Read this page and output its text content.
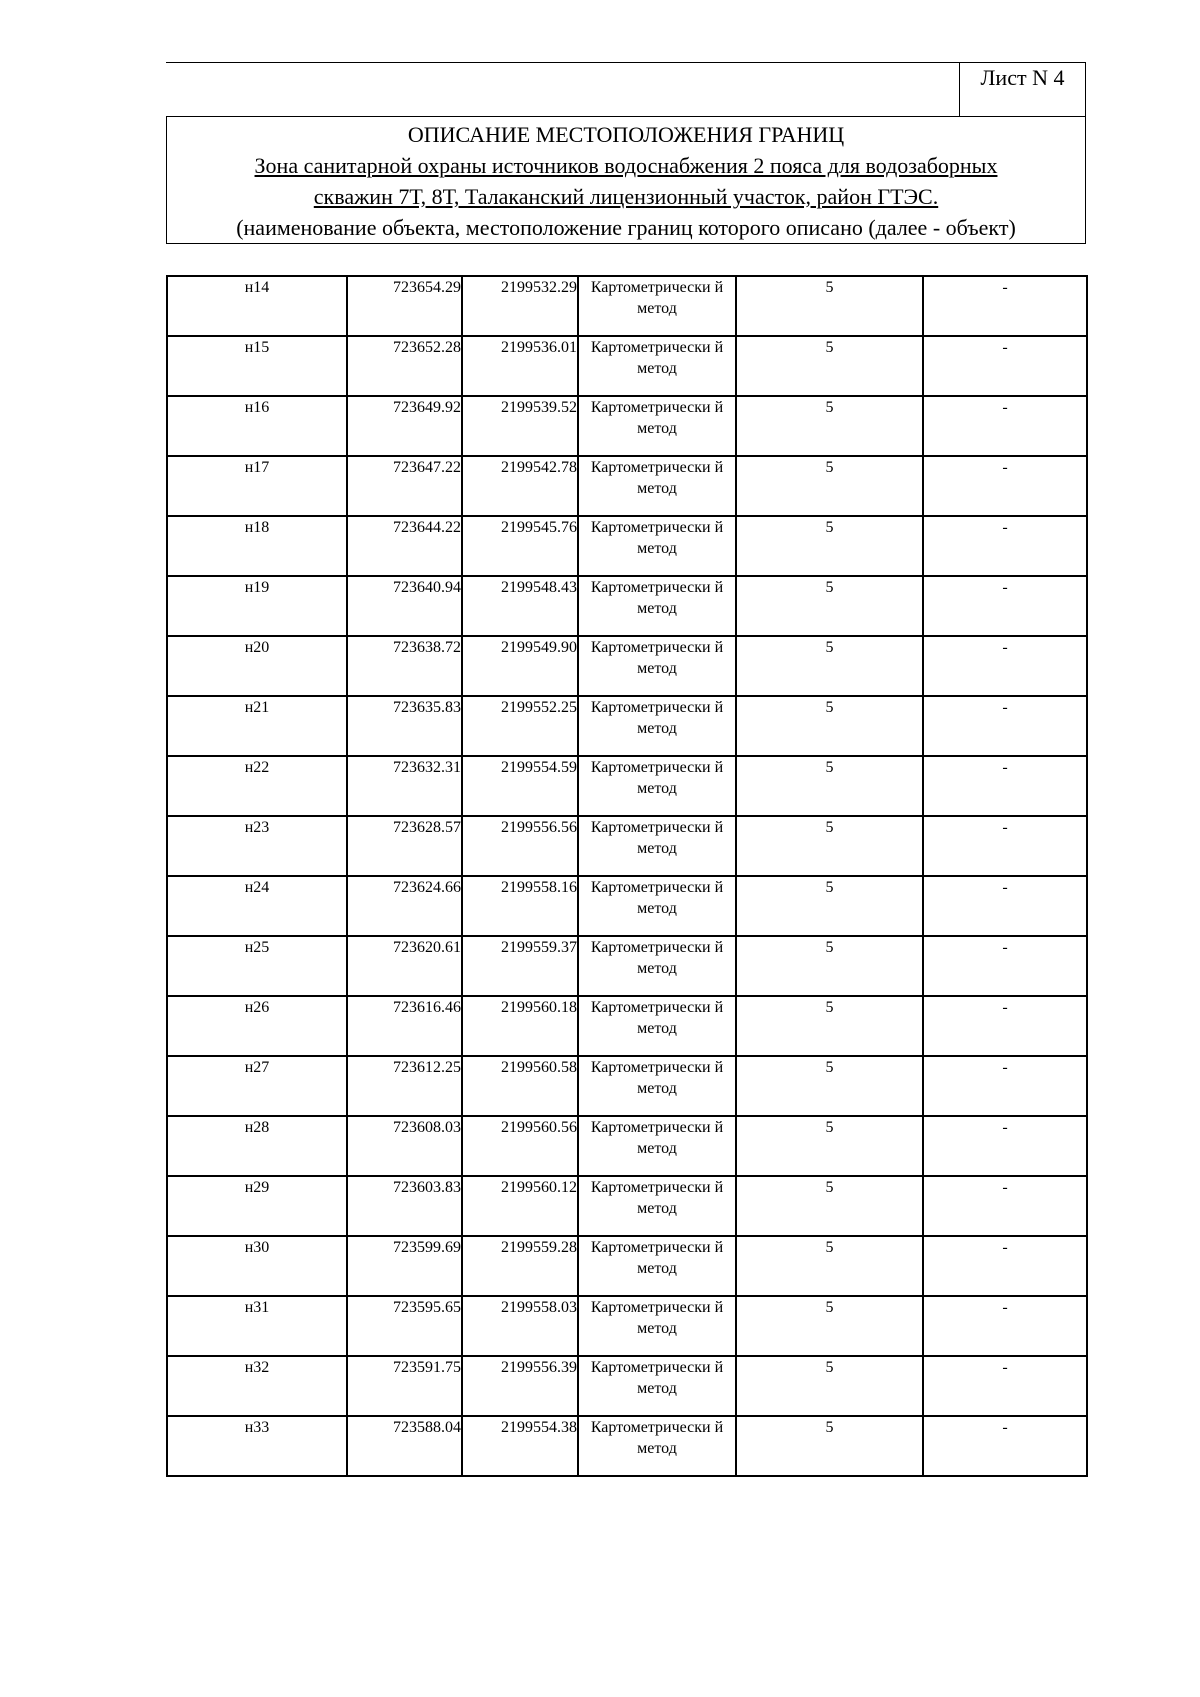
Лист N 4
ОПИСАНИЕ МЕСТОПОЛОЖЕНИЯ ГРАНИЦ
Зона санитарной охраны источников водоснабжения 2 пояса для водозаборных
скважин 7Т, 8Т, Талаканский лицензионный участок, район ГТЭС.
(наименование объекта, местоположение границ которого описано (далее - объект)
н14	723654.29	2199532.29	Картометрически й метод	5	-
н15	723652.28	2199536.01	Картометрически й метод	5	-
н16	723649.92	2199539.52	Картометрически й метод	5	-
н17	723647.22	2199542.78	Картометрически й метод	5	-
н18	723644.22	2199545.76	Картометрически й метод	5	-
н19	723640.94	2199548.43	Картометрически й метод	5	-
н20	723638.72	2199549.90	Картометрически й метод	5	-
н21	723635.83	2199552.25	Картометрически й метод	5	-
н22	723632.31	2199554.59	Картометрически й метод	5	-
н23	723628.57	2199556.56	Картометрически й метод	5	-
н24	723624.66	2199558.16	Картометрически й метод	5	-
н25	723620.61	2199559.37	Картометрически й метод	5	-
н26	723616.46	2199560.18	Картометрически й метод	5	-
н27	723612.25	2199560.58	Картометрически й метод	5	-
н28	723608.03	2199560.56	Картометрически й метод	5	-
н29	723603.83	2199560.12	Картометрически й метод	5	-
н30	723599.69	2199559.28	Картометрически й метод	5	-
н31	723595.65	2199558.03	Картометрически й метод	5	-
н32	723591.75	2199556.39	Картометрически й метод	5	-
н33	723588.04	2199554.38	Картометрически й метод	5	-
